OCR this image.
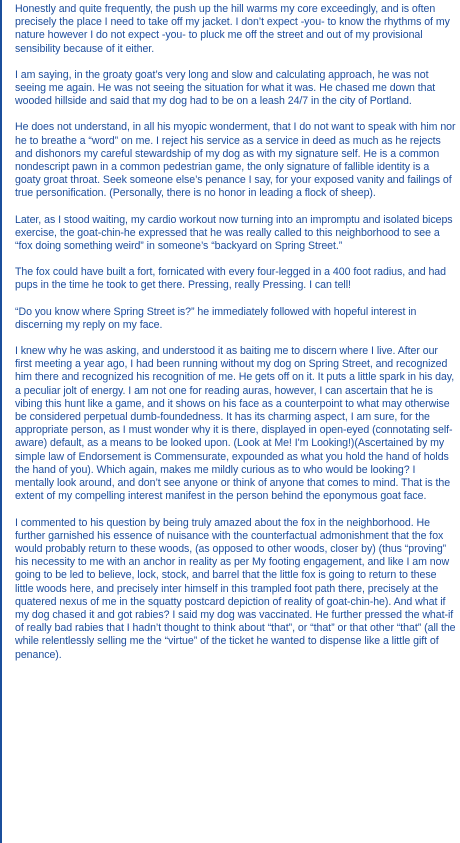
Honestly and quite frequently, the push up the hill warms my core exceedingly, and is often precisely the place I need to take off my jacket. I don’t expect -you- to know the rhythms of my nature however I do not expect -you- to pluck me off the street and out of my provisional sensibility because of it either.

I am saying, in the groaty goat’s very long and slow and calculating approach, he was not seeing me again. He was not seeing the situation for what it was. He chased me down that wooded hillside and said that my dog had to be on a leash 24/7 in the city of Portland.

He does not understand, in all his myopic wonderment, that I do not want to speak with him nor he to breathe a “word” on me. I reject his service as a service in deed as much as he rejects and dishonors my careful stewardship of my dog as with my signature self. He is a common nondescript pawn in a common pedestrian game, the only signature of fallible identity is a goaty groat throat. Seek someone else’s penance I say, for your exposed vanity and failings of true personification. (Personally, there is no honor in leading a flock of sheep).

Later, as I stood waiting, my cardio workout now turning into an impromptu and isolated biceps exercise, the goat-chin-he expressed that he was really called to this neighborhood to see a “fox doing something weird” in someone’s “backyard on Spring Street.”

The fox could have built a fort, fornicated with every four-legged in a 400 foot radius, and had pups in the time he took to get there. Pressing, really Pressing. I can tell!

“Do you know where Spring Street is?” he immediately followed with hopeful interest in discerning my reply on my face.

I knew why he was asking, and understood it as baiting me to discern where I live. After our first meeting a year ago, I had been running without my dog on Spring Street, and recognized him there and recognized his recognition of me. He gets off on it. It puts a little spark in his day, a peculiar jolt of energy. I am not one for reading auras, however, I can ascertain that he is vibing this hunt like a game, and it shows on his face as a counterpoint to what may otherwise be considered perpetual dumb-foundedness. It has its charming aspect, I am sure, for the appropriate person, as I must wonder why it is there, displayed in open-eyed (connotating self-aware) default, as a means to be looked upon. (Look at Me! I'm Looking!)(Ascertained by my simple law of Endorsement is Commensurate, expounded as what you hold the hand of holds the hand of you). Which again, makes me mildly curious as to who would be looking? I mentally look around, and don’t see anyone or think of anyone that comes to mind. That is the extent of my compelling interest manifest in the person behind the eponymous goat face.

I commented to his question by being truly amazed about the fox in the neighborhood. He further garnished his essence of nuisance with the counterfactual admonishment that the fox would probably return to these woods, (as opposed to other woods, closer by) (thus “proving” his necessity to me with an anchor in reality as per My footing engagement, and like I am now going to be led to believe, lock, stock, and barrel that the little fox is going to return to these little woods here, and precisely inter himself in this trampled foot path there, precisely at the quatered nexus of me in the squatty postcard depiction of reality of goat-chin-he). And what if my dog chased it and got rabies? I said my dog was vaccinated. He further pressed the what-if of really bad rabies that I hadn’t thought to think about “that”, or “that” or that other “that” (all the while relentlessly selling me the “virtue” of the ticket he wanted to dispense like a little gift of penance).
